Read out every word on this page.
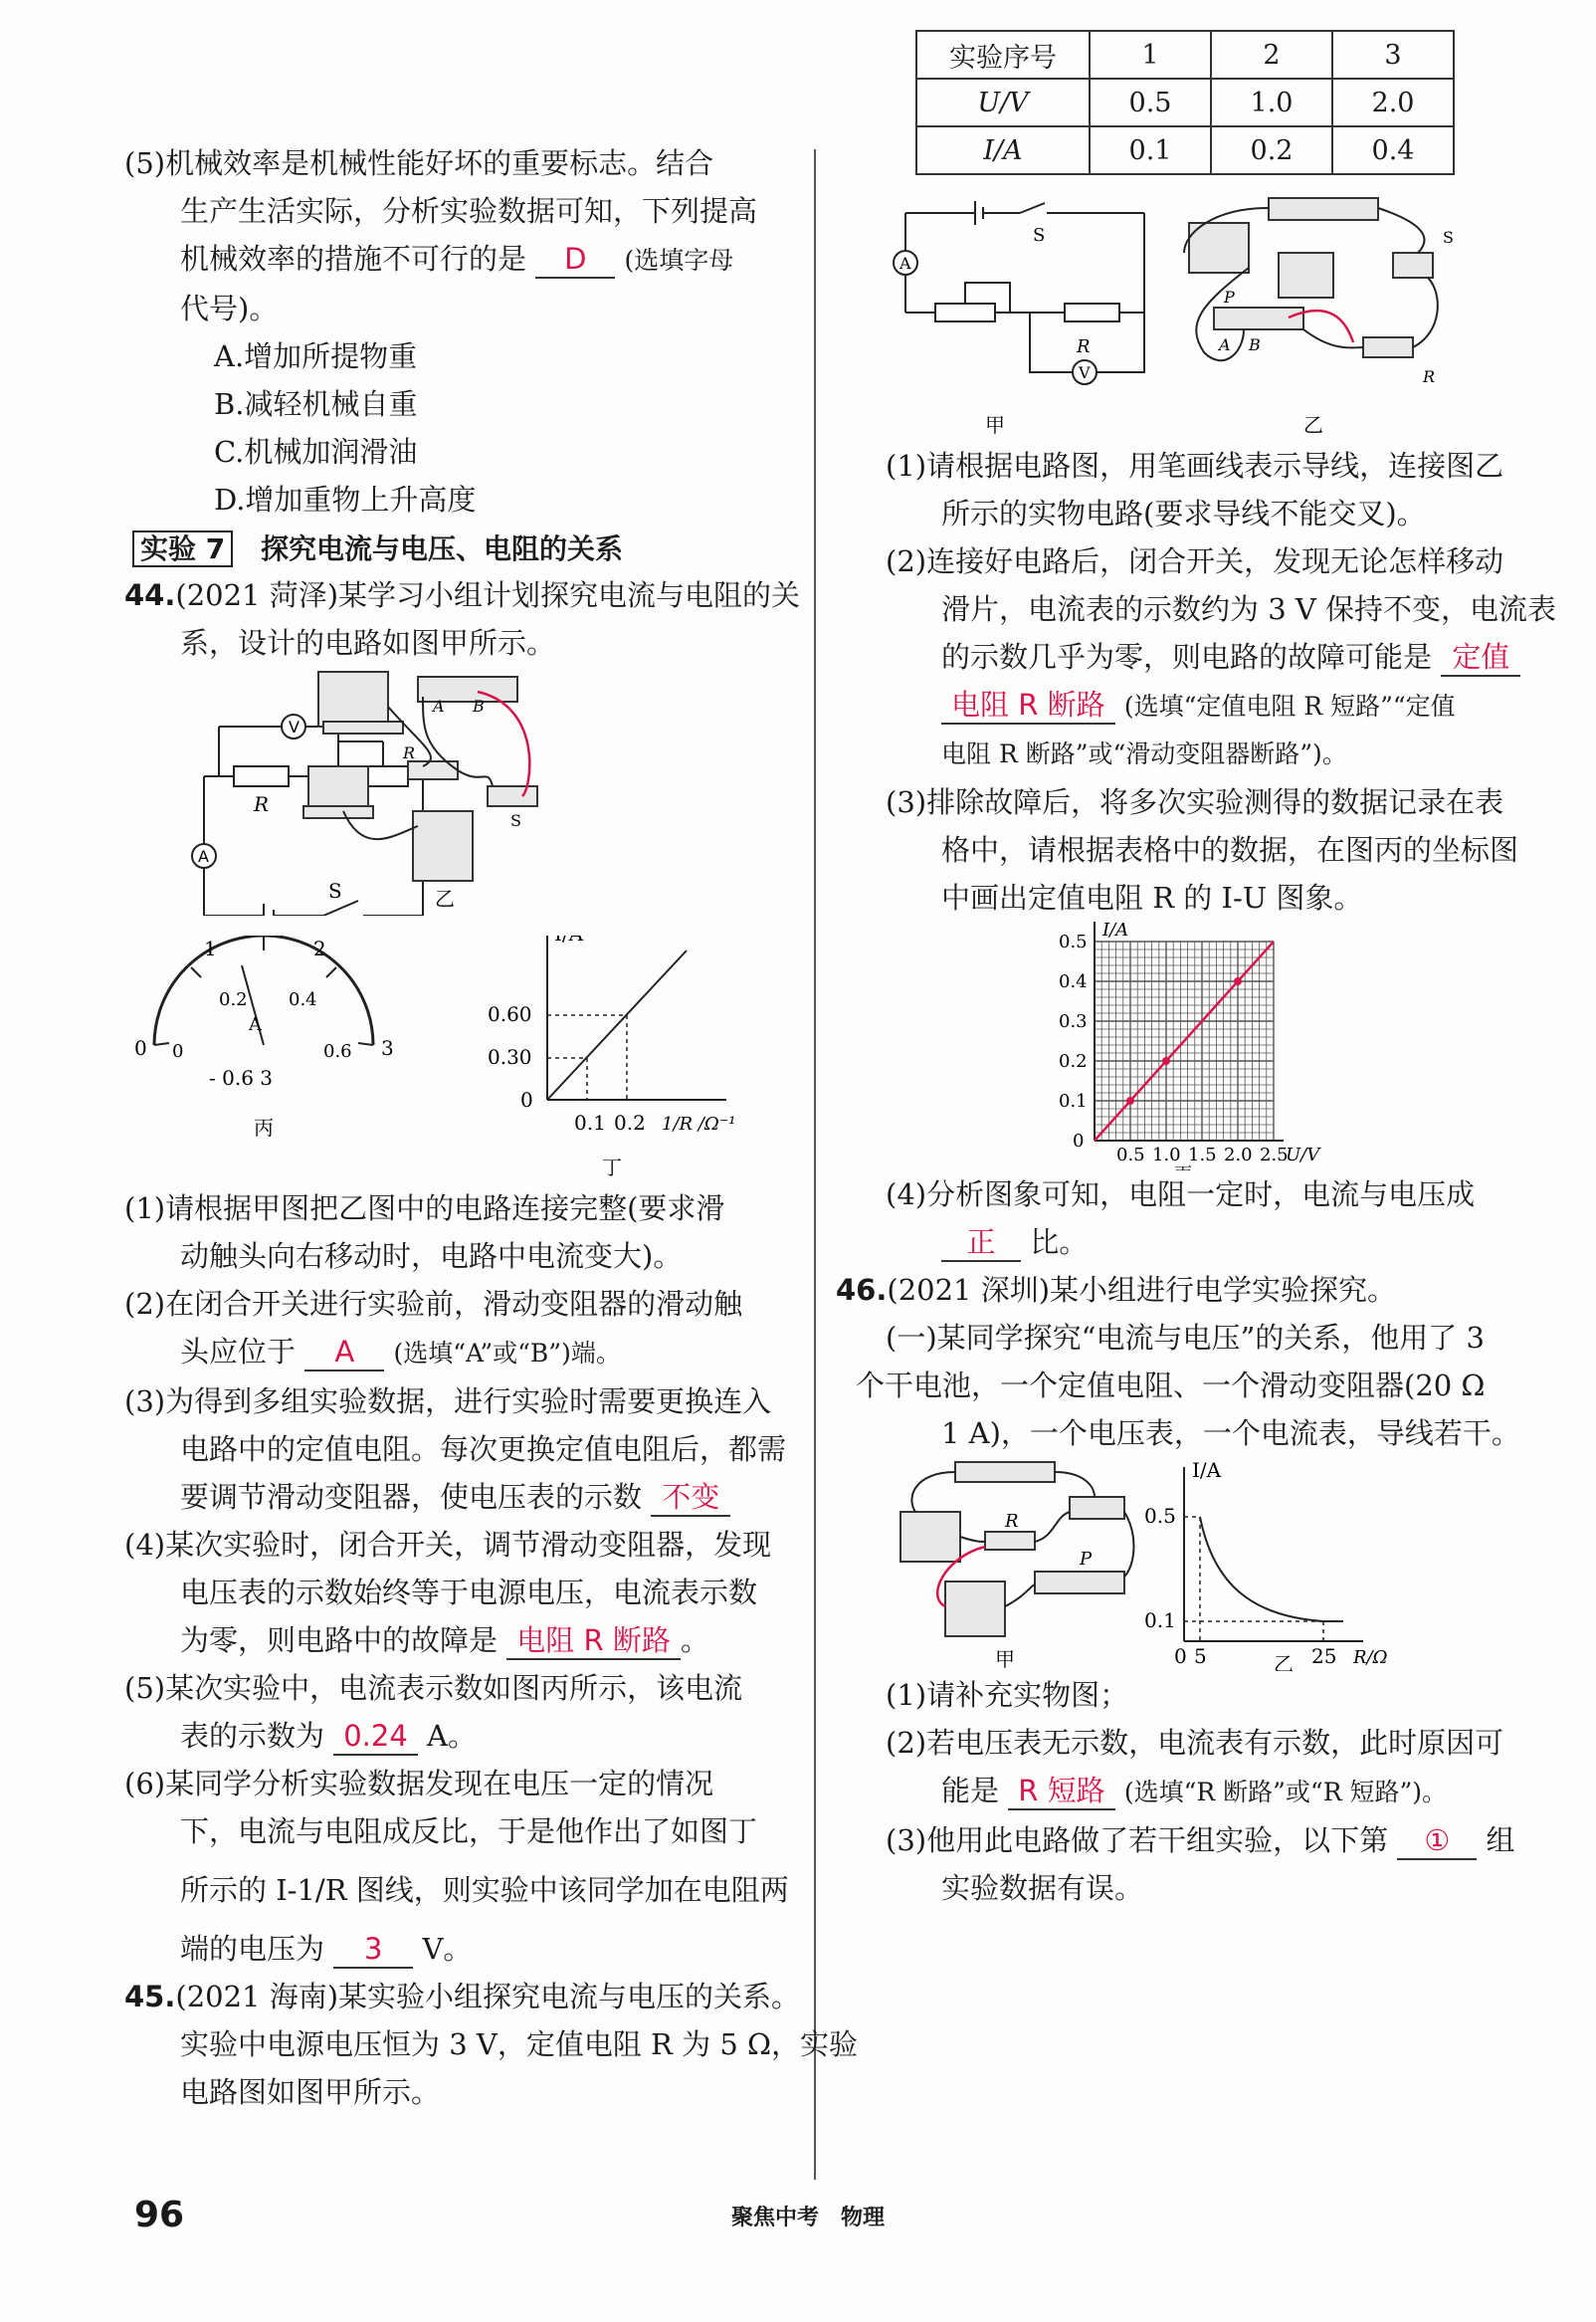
(5)机械效率是机械性能好坏的重要标志。结合
生产生活实际，分析实验数据可知，下列提高
机械效率的措施不可行的是 D (选填字母
代号)。
A.增加所提物重
B.减轻机械自重
C.机械加润滑油
D.增加重物上升高度
实验 7 探究电流与电压、电阻的关系
44.(2021 菏泽)某学习小组计划探究电流与电阻的关
系，设计的电路如图甲所示。
V
A
R
S
A B
R
S
乙
0
1	2
3
0
0.2 0.4
0.6
A
- 0.6 3
丙
0.60
0.30
0
0.1 0.2 1/R /Ω⁻¹
丁
(1)请根据甲图把乙图中的电路连接完整(要求滑
动触头向右移动时，电路中电流变大)。
(2)在闭合开关进行实验前，滑动变阻器的滑动触
头应位于 A (选填“A”或“B”)端。
(3)为得到多组实验数据，进行实验时需要更换连入
电路中的定值电阻。每次更换定值电阻后，都需
要调节滑动变阻器，使电压表的示数 不变
(4)某次实验时，闭合开关，调节滑动变阻器，发现
电压表的示数始终等于电源电压，电流表示数
为零，则电路中的故障是 电阻 R 断路 。
(5)某次实验中，电流表示数如图丙所示，该电流
表的示数为 0.24 A。
(6)某同学分析实验数据发现在电压一定的情况
下，电流与电阻成反比，于是他作出了如图丁
所示的 I-1/R 图线，则实验中该同学加在电阻两
端的电压为 3 V。
45.(2021 海南)某实验小组探究电流与电压的关系。
实验中电源电压恒为 3 V，定值电阻 R 为 5 Ω，实验
电路图如图甲所示。
实验序号	1	2	3
U/V	0.5	1.0	2.0
I/A	0.1	0.2	0.4
A
V
S
R
甲
P
A B
R
S
乙
(1)请根据电路图，用笔画线表示导线，连接图乙
所示的实物电路(要求导线不能交叉)。
(2)连接好电路后，闭合开关，发现无论怎样移动
滑片，电流表的示数约为 3 V 保持不变，电流表
的示数几乎为零，则电路的故障可能是 定值
电阻 R 断路 (选填“定值电阻 R 短路”“定值
电阻 R 断路”或“滑动变阻器断路”)。
(3)排除故障后，将多次实验测得的数据记录在表
格中，请根据表格中的数据，在图丙的坐标图
中画出定值电阻 R 的 I-U 图象。
0.5 1.0 1.5 2.0 2.5
0.1
0.2
0.3
0.4
0.5
0
I/A
U/V
(4)分析图象可知，电阻一定时，电流与电压成
正 比。
46.(2021 深圳)某小组进行电学实验探究。
(一)某同学探究“电流与电压”的关系，他用了 3
个干电池，一个定值电阻、一个滑动变阻器(20 Ω
1 A)，一个电压表，一个电流表，导线若干。
R
P
甲
I/A
0.5
0.1
0 5	25 R/Ω
乙
(1)请补充实物图；
(2)若电压表无示数，电流表有示数，此时原因可
能是 R 短路 (选填“R 断路”或“R 短路”)。
(3)他用此电路做了若干组实验，以下第 ① 组
实验数据有误。
96	聚焦中考　物理
